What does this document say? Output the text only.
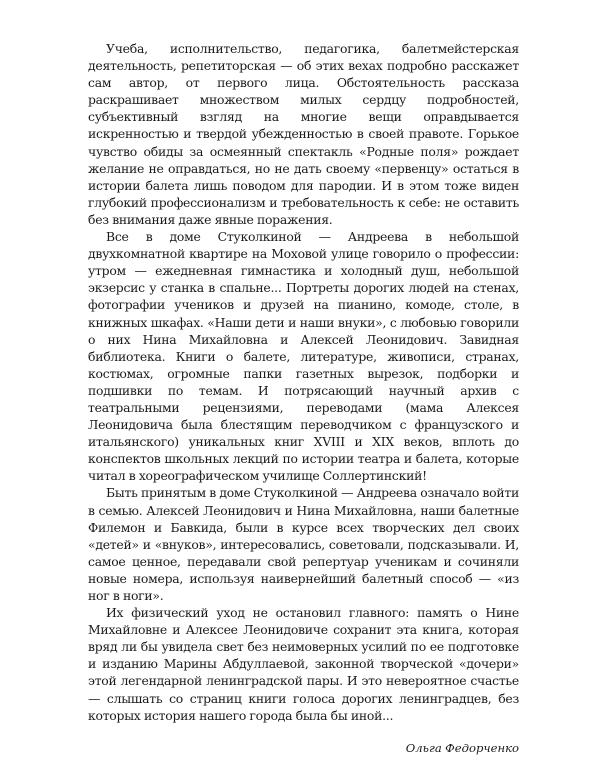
Учеба, исполнительство, педагогика, балетмейстерская деятельность, репетиторская — об этих вехах подробно расскажет сам автор, от первого лица. Обстоятельность рассказа раскрашивает множеством милых сердцу подробностей, субъективный взгляд на многие вещи оправдывается искренностью и твердой убежденностью в своей правоте. Горькое чувство обиды за осмеянный спектакль «Родные поля» рождает желание не оправдаться, но не дать своему «первенцу» остаться в истории балета лишь поводом для пародии. И в этом тоже виден глубокий профессионализм и требовательность к себе: не оставить без внимания даже явные поражения.

Все в доме Стуколкиной — Андреева в небольшой двухкомнатной квартире на Моховой улице говорило о профессии: утром — ежедневная гимнастика и холодный душ, небольшой экзерсис у станка в спальне... Портреты дорогих людей на стенах, фотографии учеников и друзей на пианино, комоде, столе, в книжных шкафах. «Наши дети и наши внуки», с любовью говорили о них Нина Михайловна и Алексей Леонидович. Завидная библиотека. Книги о балете, литературе, живописи, странах, костюмах, огромные папки газетных вырезок, подборки и подшивки по темам. И потрясающий научный архив с театральными рецензиями, переводами (мама Алексея Леонидовича была блестящим переводчиком с французского и итальянского) уникальных книг XVIII и XIX веков, вплоть до конспектов школьных лекций по истории театра и балета, которые читал в хореографическом училище Соллертинский!

Быть принятым в доме Стуколкиной — Андреева означало войти в семью. Алексей Леонидович и Нина Михайловна, наши балетные Филемон и Бавкида, были в курсе всех творческих дел своих «детей» и «внуков», интересовались, советовали, подсказывали. И, самое ценное, передавали свой репертуар ученикам и сочиняли новые номера, используя наивернейший балетный способ — «из ног в ноги».

Их физический уход не остановил главного: память о Нине Михайловне и Алексее Леонидовиче сохранит эта книга, которая вряд ли бы увидела свет без неимоверных усилий по ее подготовке и изданию Марины Абдуллаевой, законной творческой «дочери» этой легендарной ленинградской пары. И это невероятное счастье — слышать со страниц книги голоса дорогих ленинградцев, без которых история нашего города была бы иной...

Ольга Федорченко
